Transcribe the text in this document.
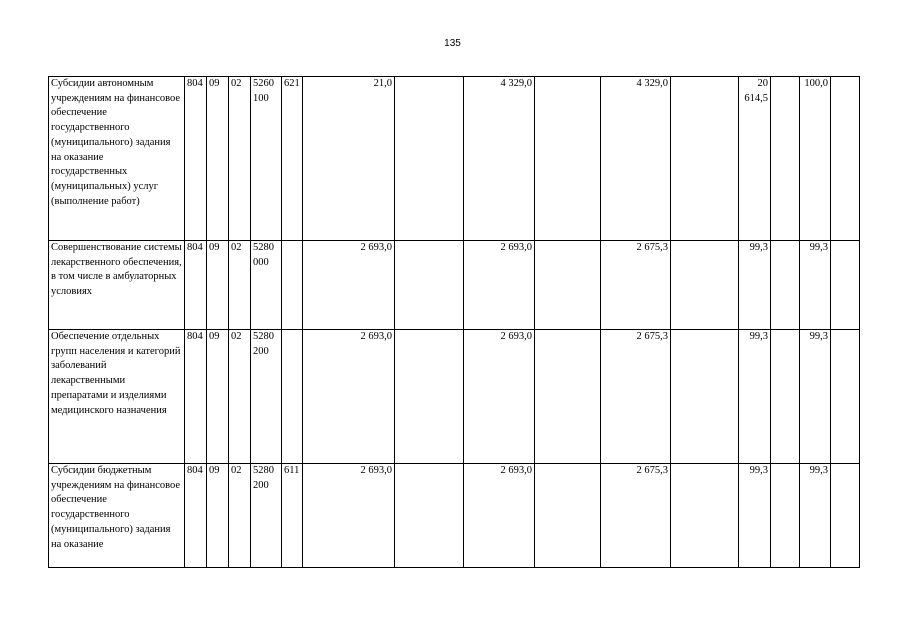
135
Субсидии автономным учреждениям на финансовое обеспечение государственного (муниципального) задания на оказание государственных (муниципальных) услуг (выполнение работ)	804	09	02	5260 100	621	21,0		4 329,0		4 329,0		20 614,5		100,0	
Совершенствование системы лекарственного обеспечения, в том числе в амбулаторных условиях	804	09	02	5280 000		2 693,0		2 693,0		2 675,3		99,3		99,3	
Обеспечение отдельных групп населения и категорий заболеваний лекарственными препаратами и изделиями медицинского назначения	804	09	02	5280 200		2 693,0		2 693,0		2 675,3		99,3		99,3	
Субсидии бюджетным учреждениям на финансовое обеспечение государственного (муниципального) задания на оказание	804	09	02	5280 200	611	2 693,0		2 693,0		2 675,3		99,3		99,3	
